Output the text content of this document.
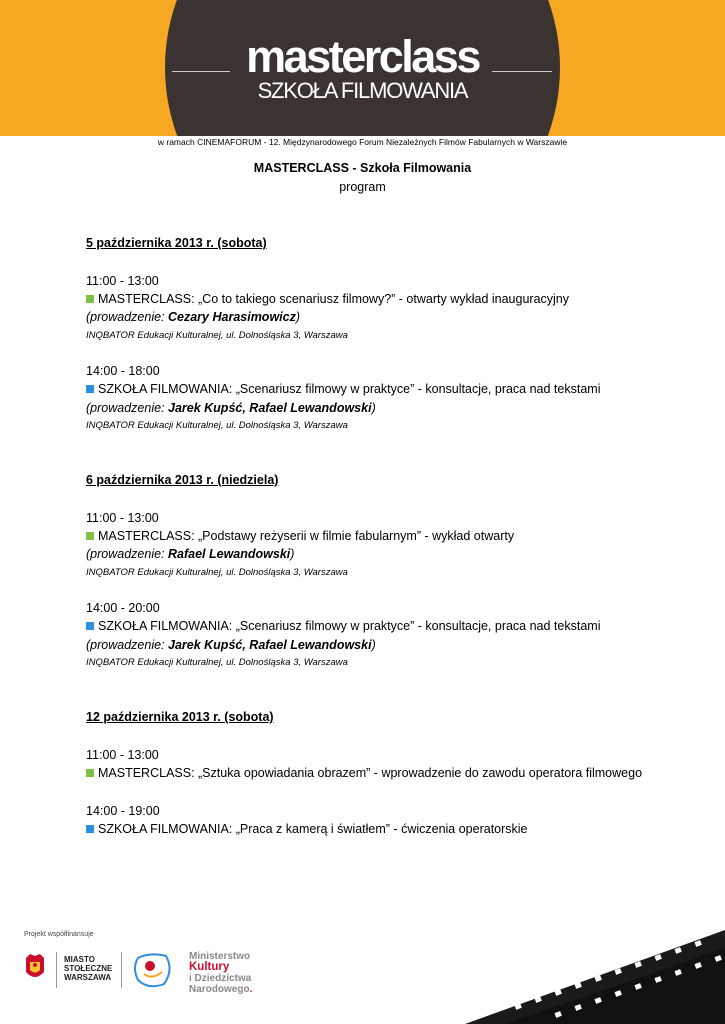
masterclass
SZKOŁA FILMOWANIA
w ramach CINEMAFORUM - 12. Międzynarodowego Forum Niezależnych Filmów Fabularnych w Warszawie
MASTERCLASS - Szkoła Filmowania
program
5 października 2013 r. (sobota)
11:00 - 13:00
MASTERCLASS: „Co to takiego scenariusz filmowy?” - otwarty wykład inauguracyjny
(prowadzenie: Cezary Harasimowicz)
INQBATOR Edukacji Kulturalnej, ul. Dolnośląska 3, Warszawa
14:00 - 18:00
SZKOŁA FILMOWANIA: „Scenariusz filmowy w praktyce” - konsultacje, praca nad tekstami
(prowadzenie: Jarek Kupść, Rafael Lewandowski)
INQBATOR Edukacji Kulturalnej, ul. Dolnośląska 3, Warszawa
6 października 2013 r. (niedziela)
11:00 - 13:00
MASTERCLASS: „Podstawy reżyserii w filmie fabularnym” - wykład otwarty
(prowadzenie: Rafael Lewandowski)
INQBATOR Edukacji Kulturalnej, ul. Dolnośląska 3, Warszawa
14:00 - 20:00
SZKOŁA FILMOWANIA: „Scenariusz filmowy w praktyce” - konsultacje, praca nad tekstami
(prowadzenie: Jarek Kupść, Rafael Lewandowski)
INQBATOR Edukacji Kulturalnej, ul. Dolnośląska 3, Warszawa
12 października 2013 r. (sobota)
11:00 - 13:00
MASTERCLASS: „Sztuka opowiadania obrazem” - wprowadzenie do zawodu operatora filmowego
14:00 - 19:00
SZKOŁA FILMOWANIA: „Praca z kamerą i światłem” - ćwiczenia operatorskie
Projekt współfinansuje
MIASTO
STOŁECZNE
WARSZAWA
Ministerstwo
Kultury
i Dziedzictwa
Narodowego.
